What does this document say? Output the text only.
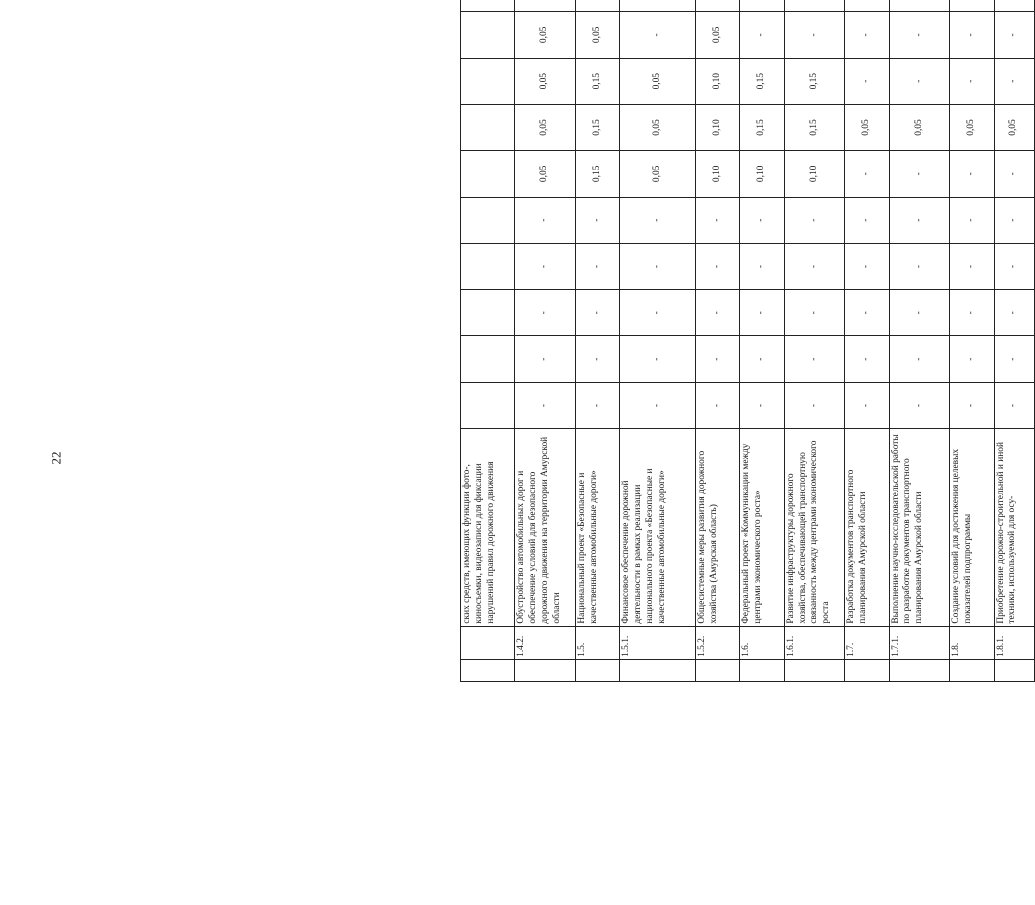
22
		ских средств, имеющих функции фото-, киносъемки, видеозаписи для фиксации нарушений правил дорожного движения												
	1.4.2.	Обустройство автомобильных дорог и обеспечение условий для безопасного дорожного движения на территории Амурской области	-	-	-	-	-	0,05	0,05	0,05	0,05			
	1.5.	Национальный проект «Безопасные и качественные автомобильные дороги»	-	-	-	-	-	0,15	0,15	0,15	0,05			
	1.5.1.	Финансовое обеспечение дорожной деятельности в рамках реализации национального проекта «Безопасные и качественные автомобильные дороги»	-	-	-	-	-	0,05	0,05	0,05	-			
	1.5.2.	Общесистемные меры развития дорожного хозяйства (Амурская область)	-	-	-	-	-	0,10	0,10	0,10	0,05			
	1.6.	Федеральный проект «Коммуникации между центрами экономического роста»	-	-	-	-	-	0,10	0,15	0,15	-			
	1.6.1.	Развитие инфраструктуры дорожного хозяйства, обеспечивающей транспортную связанность между центрами экономического роста	-	-	-	-	-	0,10	0,15	0,15	-			
	1.7.	Разработка документов транспортного планирования Амурской области	-	-	-	-	-	-	0,05	-	-			
	1.7.1.	Выполнение научно-исследовательской работы по разработке документов транспортного планирования Амурской области	-	-	-	-	-	-	0,05	-	-			
	1.8.	Создание условий для достижения целевых показателей подпрограммы	-	-	-	-	-	-	0,05	-	-			
	1.8.1.	Приобретение дорожно-строительной и иной техники, используемой для осу-	-	-	-	-	-	-	0,05	-	-			
